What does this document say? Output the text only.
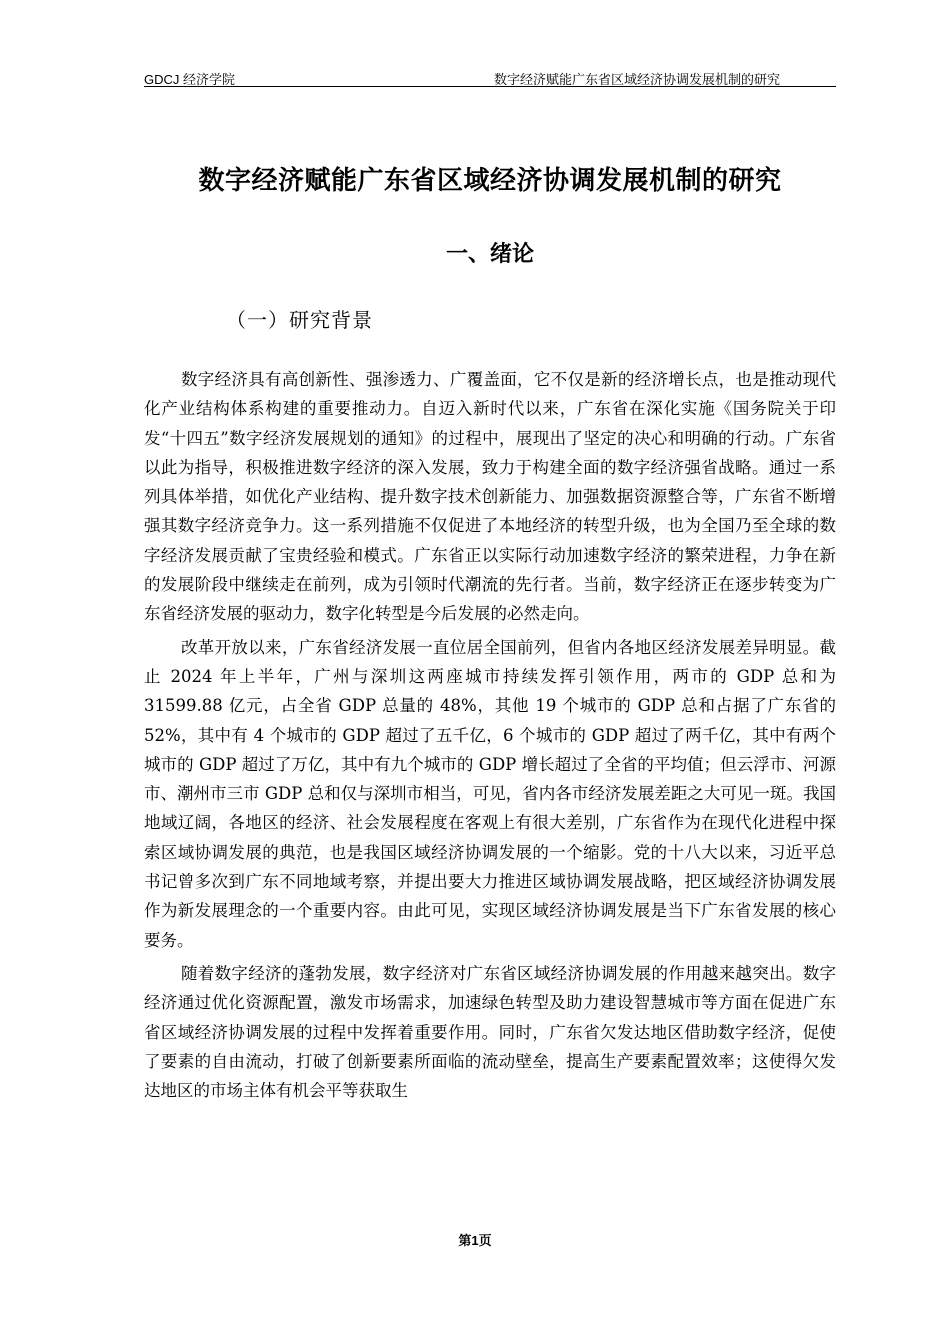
GDCJ 经济学院	数字经济赋能广东省区域经济协调发展机制的研究
数字经济赋能广东省区域经济协调发展机制的研究
一、绪论
（一）研究背景

数字经济具有高创新性、强渗透力、广覆盖面，它不仅是新的经济增长点，也是推动现代化产业结构体系构建的重要推动力。自迈入新时代以来，广东省在深化实施《国务院关于印发“十四五”数字经济发展规划的通知》的过程中，展现出了坚定的决心和明确的行动。广东省以此为指导，积极推进数字经济的深入发展，致力于构建全面的数字经济强省战略。通过一系列具体举措，如优化产业结构、提升数字技术创新能力、加强数据资源整合等，广东省不断增强其数字经济竞争力。这一系列措施不仅促进了本地经济的转型升级，也为全国乃至全球的数字经济发展贡献了宝贵经验和模式。广东省正以实际行动加速数字经济的繁荣进程，力争在新的发展阶段中继续走在前列，成为引领时代潮流的先行者。当前，数字经济正在逐步转变为广东省经济发展的驱动力，数字化转型是今后发展的必然走向。

改革开放以来，广东省经济发展一直位居全国前列，但省内各地区经济发展差异明显。截止 2024 年上半年，广州与深圳这两座城市持续发挥引领作用，两市的 GDP 总和为 31599.88 亿元，占全省 GDP 总量的 48%，其他 19 个城市的 GDP 总和占据了广东省的 52%，其中有 4 个城市的 GDP 超过了五千亿，6 个城市的 GDP 超过了两千亿，其中有两个城市的 GDP 超过了万亿，其中有九个城市的 GDP 增长超过了全省的平均值；但云浮市、河源市、潮州市三市 GDP 总和仅与深圳市相当，可见，省内各市经济发展差距之大可见一斑。我国地域辽阔，各地区的经济、社会发展程度在客观上有很大差别，广东省作为在现代化进程中探索区域协调发展的典范，也是我国区域经济协调发展的一个缩影。党的十八大以来，习近平总书记曾多次到广东不同地域考察，并提出要大力推进区域协调发展战略，把区域经济协调发展作为新发展理念的一个重要内容。由此可见，实现区域经济协调发展是当下广东省发展的核心要务。

随着数字经济的蓬勃发展，数字经济对广东省区域经济协调发展的作用越来越突出。数字经济通过优化资源配置，激发市场需求，加速绿色转型及助力建设智慧城市等方面在促进广东省区域经济协调发展的过程中发挥着重要作用。同时，广东省欠发达地区借助数字经济，促使了要素的自由流动，打破了创新要素所面临的流动壁垒，提高生产要素配置效率；这使得欠发达地区的市场主体有机会平等获取生

第1页
